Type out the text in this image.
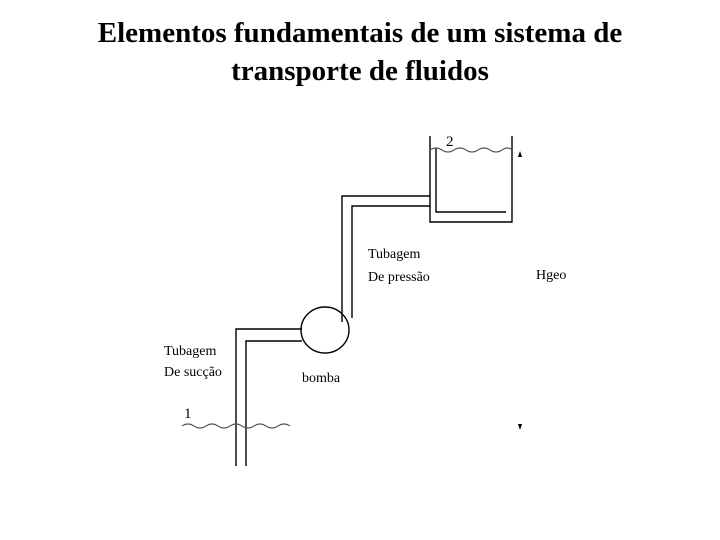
Elementos fundamentais de um sistema de
transporte de fluidos
2
1
Tubagem
De pressão
Tubagem
De sucção	bomba
Hgeo
